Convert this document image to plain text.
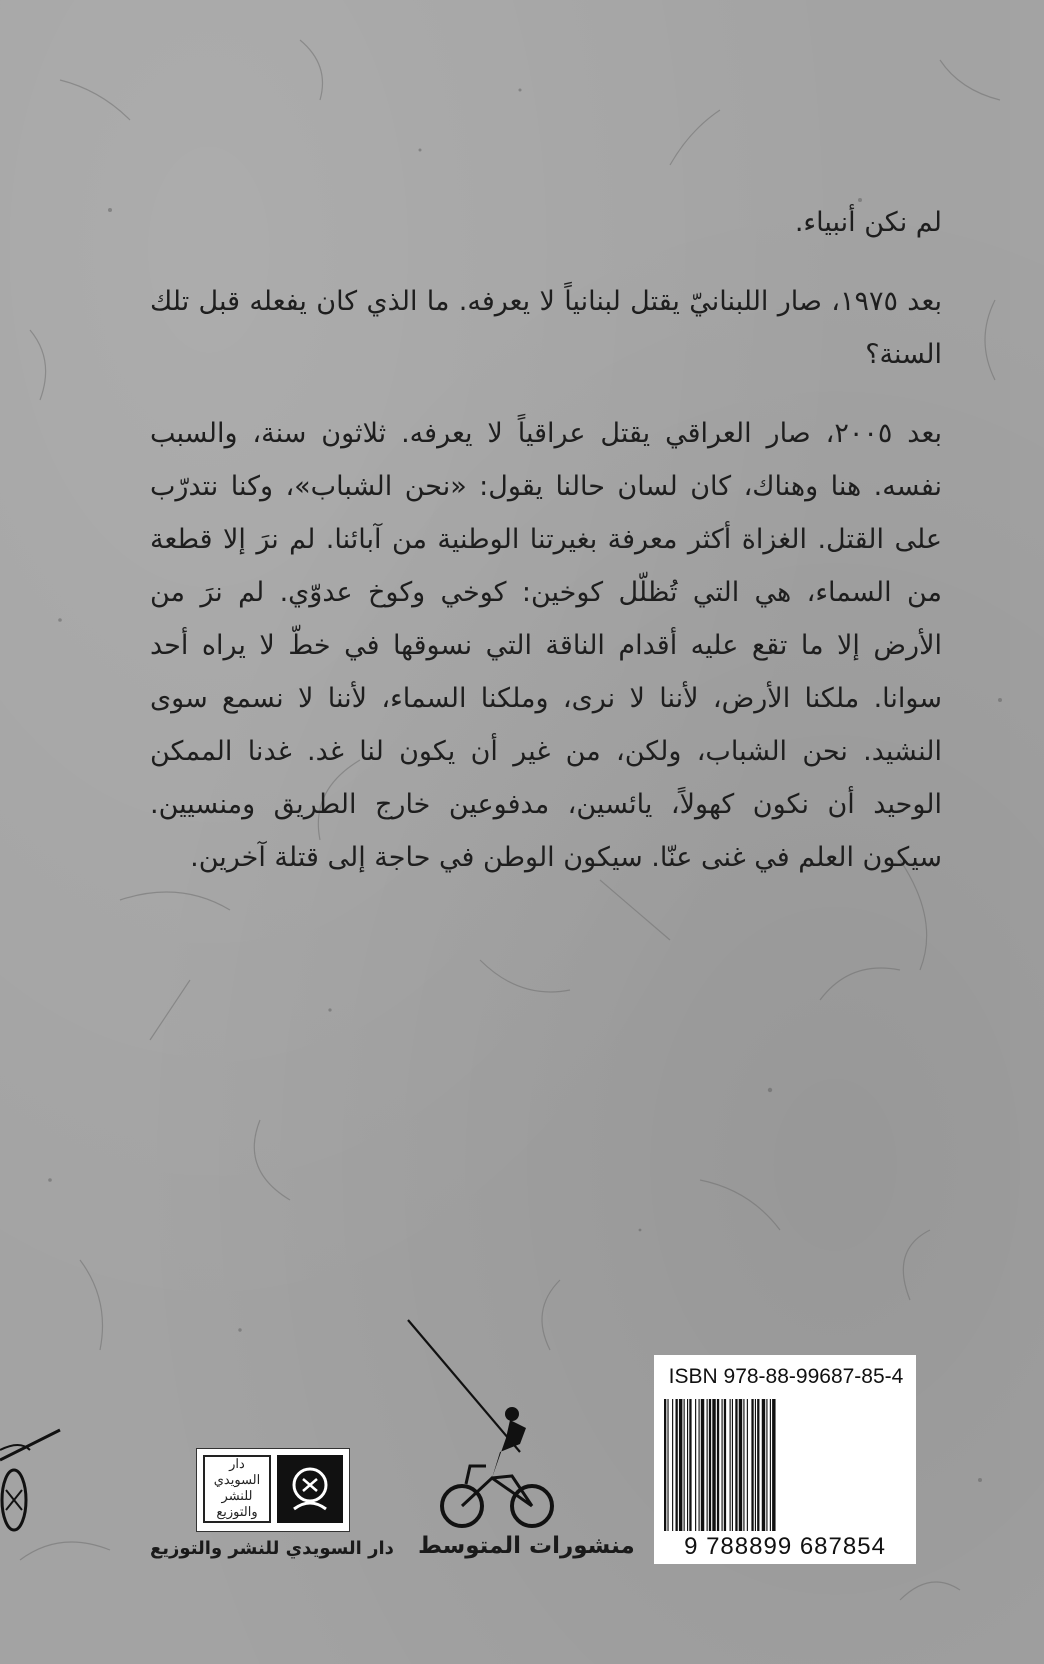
لم نكن أنبياء.

بعد ١٩٧٥، صار اللبنانيّ يقتل لبنانياً لا يعرفه. ما الذي كان يفعله قبل تلك السنة؟

بعد ٢٠٠٥، صار العراقي يقتل عراقياً لا يعرفه. ثلاثون سنة، والسبب نفسه. هنا وهناك، كان لسان حالنا يقول: «نحن الشباب»، وكنا نتدرّب على القتل. الغزاة أكثر معرفة بغيرتنا الوطنية من آبائنا. لم نرَ إلا قطعة من السماء، هي التي تُظلّل كوخين: كوخي وكوخ عدوّي. لم نرَ من الأرض إلا ما تقع عليه أقدام الناقة التي نسوقها في خطّ لا يراه أحد سوانا. ملكنا الأرض، لأننا لا نرى، وملكنا السماء، لأننا لا نسمع سوى النشيد. نحن الشباب، ولكن، من غير أن يكون لنا غد. غدنا الممكن الوحيد أن نكون كهولاً، يائسين، مدفوعين خارج الطريق ومنسيين. سيكون العلم في غنى عنّا. سيكون الوطن في حاجة إلى قتلة آخرين.

منشورات المتوسط
دار السويدي للنشر والتوزيع
دار السويدي للنشر والتوزيع
ISBN 978-88-99687-85-4
9 788899 687854
